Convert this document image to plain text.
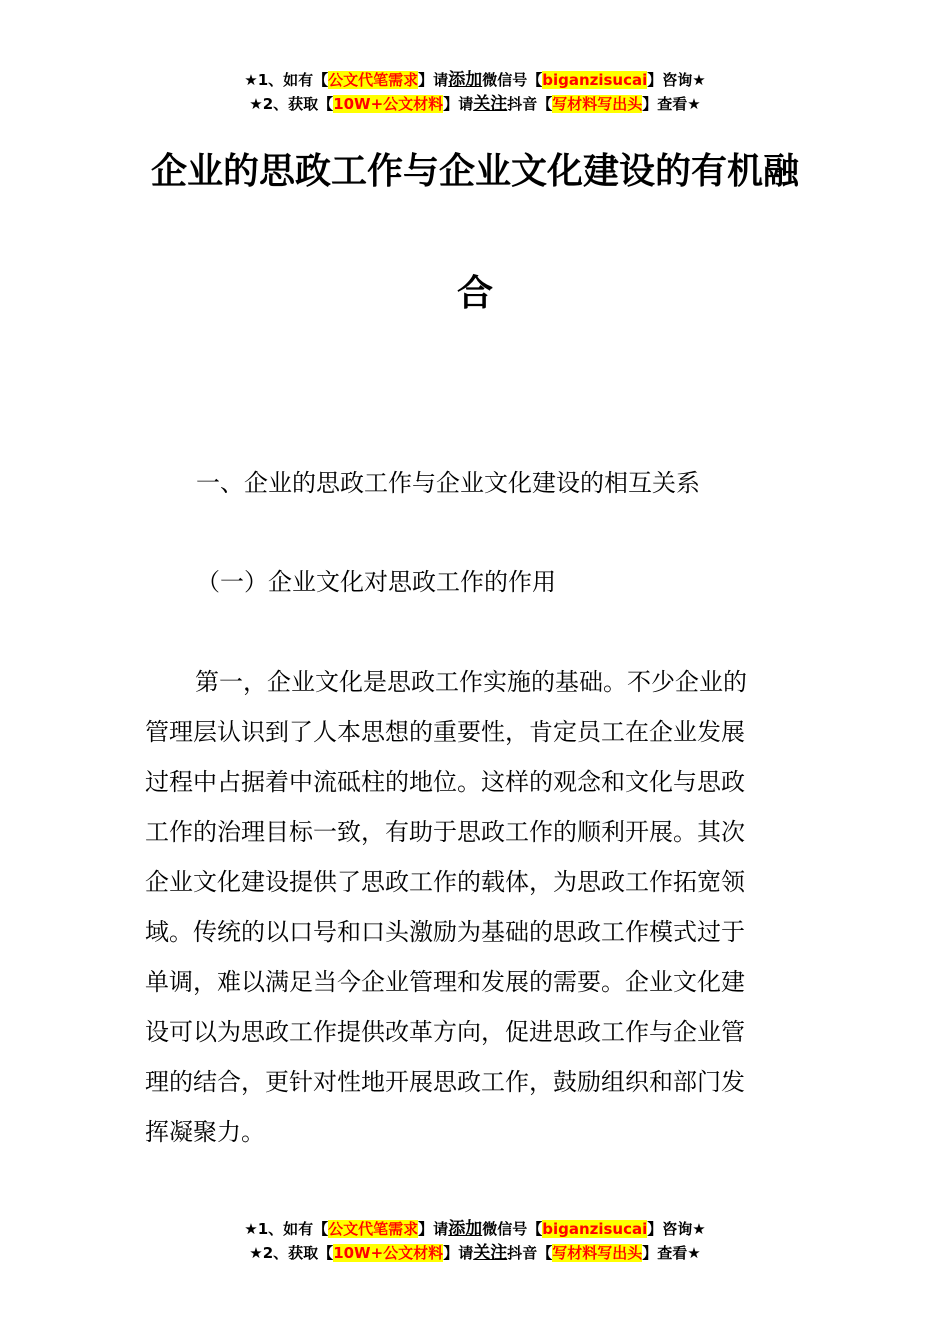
★1、如有【公文代笔需求】请添加微信号【biganzisucai】咨询★
★2、获取【10W+公文材料】请关注抖音【写材料写出头】查看★
企业的思政工作与企业文化建设的有机融
合
一、企业的思政工作与企业文化建设的相互关系
（一）企业文化对思政工作的作用
第一，企业文化是思政工作实施的基础。不少企业的
管理层认识到了人本思想的重要性，肯定员工在企业发展
过程中占据着中流砥柱的地位。这样的观念和文化与思政
工作的治理目标一致，有助于思政工作的顺利开展。其次
企业文化建设提供了思政工作的载体，为思政工作拓宽领
域。传统的以口号和口头激励为基础的思政工作模式过于
单调，难以满足当今企业管理和发展的需要。企业文化建
设可以为思政工作提供改革方向，促进思政工作与企业管
理的结合，更针对性地开展思政工作，鼓励组织和部门发
挥凝聚力。
★1、如有【公文代笔需求】请添加微信号【biganzisucai】咨询★
★2、获取【10W+公文材料】请关注抖音【写材料写出头】查看★
